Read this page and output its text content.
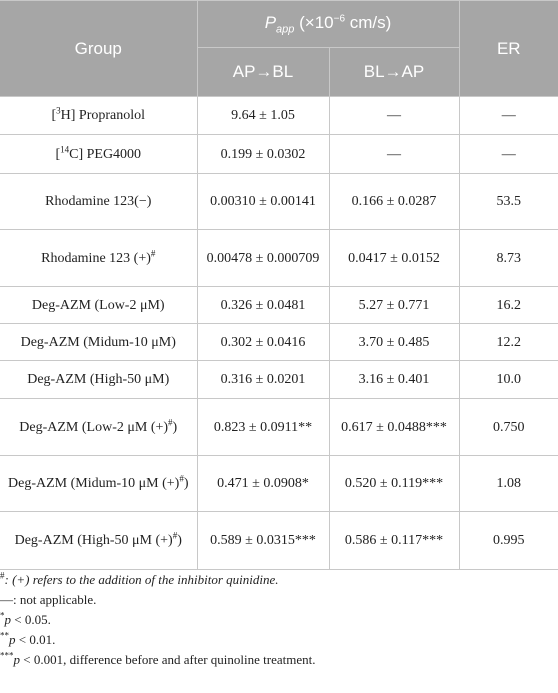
Group	$P_{app}$ ($\times 10^{-6}$ cm/s)		ER
	AP→BL	BL→AP	
[$^3$H] Propranolol	9.64 ± 1.05	—	—
[$^{14}$C] PEG4000	0.199 ± 0.0302	—	—
Rhodamine 123(−)	0.00310 ± 0.00141	0.166 ± 0.0287	53.5
Rhodamine 123 (+)#	0.00478 ± 0.000709	0.0417 ± 0.0152	8.73
Deg-AZM (Low-2 μM)	0.326 ± 0.0481	5.27 ± 0.771	16.2
Deg-AZM (Midum-10 μM)	0.302 ± 0.0416	3.70 ± 0.485	12.2
Deg-AZM (High-50 μM)	0.316 ± 0.0201	3.16 ± 0.401	10.0
Deg-AZM (Low-2 μM (+)#)	0.823 ± 0.0911**	0.617 ± 0.0488***	0.750
Deg-AZM (Midum-10 μM (+)#)	0.471 ± 0.0908*	0.520 ± 0.119***	1.08
Deg-AZM (High-50 μM (+)#)	0.589 ± 0.0315***	0.586 ± 0.117***	0.995
#: (+) refers to the addition of the inhibitor quinidine.
—: not applicable.
*p < 0.05.
**p < 0.01.
***p < 0.001, difference before and after quinoline treatment.
